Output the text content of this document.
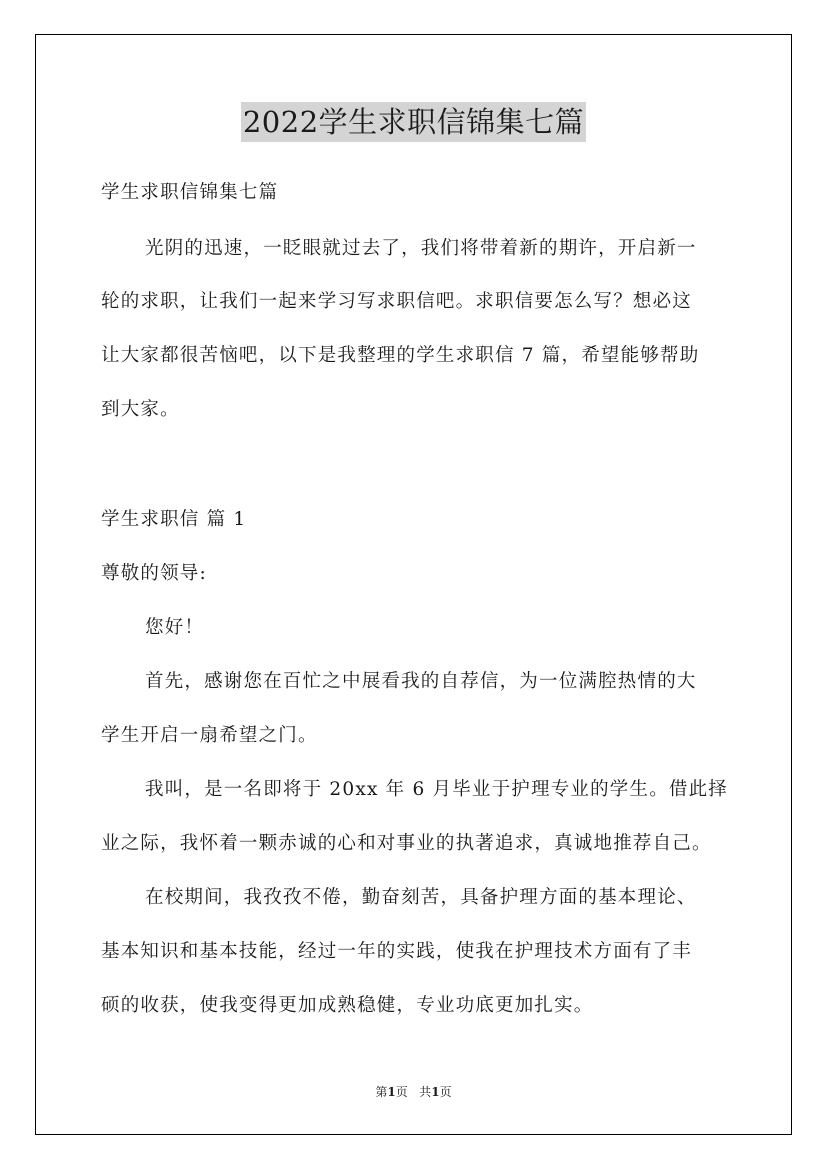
2022学生求职信锦集七篇
学生求职信锦集七篇
光阴的迅速，一眨眼就过去了，我们将带着新的期许，开启新一
轮的求职，让我们一起来学习写求职信吧。求职信要怎么写？想必这
让大家都很苦恼吧，以下是我整理的学生求职信 7 篇，希望能够帮助
到大家。
学生求职信 篇 1
尊敬的领导:
您好！
首先，感谢您在百忙之中展看我的自荐信，为一位满腔热情的大
学生开启一扇希望之门。
我叫，是一名即将于 20xx 年 6 月毕业于护理专业的学生。借此择
业之际，我怀着一颗赤诚的心和对事业的执著追求，真诚地推荐自己。
在校期间，我孜孜不倦，勤奋刻苦，具备护理方面的基本理论、
基本知识和基本技能，经过一年的实践，使我在护理技术方面有了丰
硕的收获，使我变得更加成熟稳健，专业功底更加扎实。
第1页   共1页
